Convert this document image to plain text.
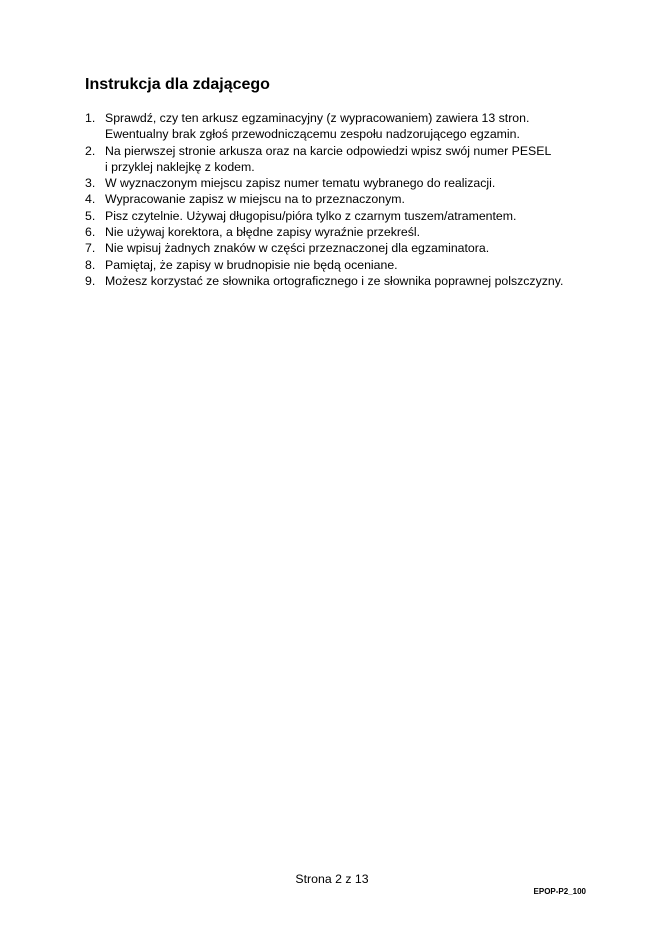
Instrukcja dla zdającego
1. Sprawdź, czy ten arkusz egzaminacyjny (z wypracowaniem) zawiera 13 stron.
Ewentualny brak zgłoś przewodniczącemu zespołu nadzorującego egzamin.
2. Na pierwszej stronie arkusza oraz na karcie odpowiedzi wpisz swój numer PESEL
i przyklej naklejkę z kodem.
3. W wyznaczonym miejscu zapisz numer tematu wybranego do realizacji.
4. Wypracowanie zapisz w miejscu na to przeznaczonym.
5. Pisz czytelnie. Używaj długopisu/pióra tylko z czarnym tuszem/atramentem.
6. Nie używaj korektora, a błędne zapisy wyraźnie przekreśl.
7. Nie wpisuj żadnych znaków w części przeznaczonej dla egzaminatora.
8. Pamiętaj, że zapisy w brudnopisie nie będą oceniane.
9. Możesz korzystać ze słownika ortograficznego i ze słownika poprawnej polszczyzny.
Strona 2 z 13
EPOP-P2_100
